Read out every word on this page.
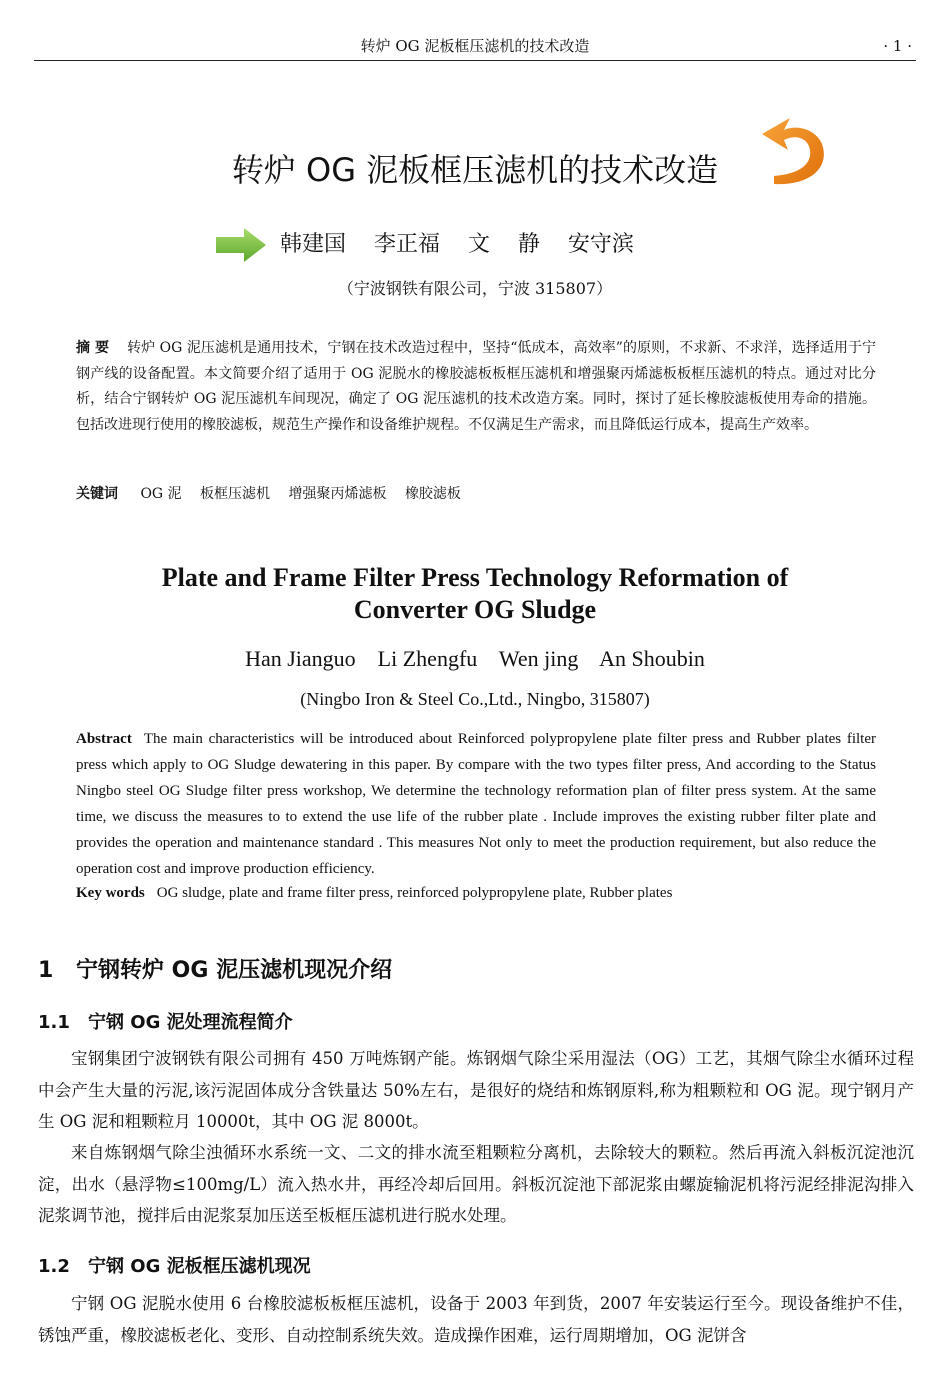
转炉 OG 泥板框压滤机的技术改造	· 1 ·
转炉 OG 泥板框压滤机的技术改造
韩建国    李正福    文    静    安守滨
（宁波钢铁有限公司，宁波 315807）
摘 要 转炉 OG 泥压滤机是通用技术，宁钢在技术改造过程中，坚持“低成本，高效率”的原则，不求新、不求洋，选择适用于宁钢产线的设备配置。本文简要介绍了适用于 OG 泥脱水的橡胶滤板板框压滤机和增强聚丙烯滤板板框压滤机的特点。通过对比分析，结合宁钢转炉 OG 泥压滤机车间现况，确定了 OG 泥压滤机的技术改造方案。同时，探讨了延长橡胶滤板使用寿命的措施。包括改进现行使用的橡胶滤板，规范生产操作和设备维护规程。不仅满足生产需求，而且降低运行成本，提高生产效率。
关键词 OG 泥 板框压滤机 增强聚丙烯滤板 橡胶滤板
Plate and Frame Filter Press Technology Reformation of
Converter OG Sludge
Han Jianguo    Li Zhengfu    Wen jing    An Shoubin
(Ningbo Iron & Steel Co.,Ltd., Ningbo, 315807)
Abstract The main characteristics will be introduced about Reinforced polypropylene plate filter press and Rubber plates filter press which apply to OG Sludge dewatering in this paper. By compare with the two types filter press, And according to the Status Ningbo steel OG Sludge filter press workshop, We determine the technology reformation plan of filter press system. At the same time, we discuss the measures to to extend the use life of the rubber plate . Include improves the existing rubber filter plate and provides the operation and maintenance standard . This measures Not only to meet the production requirement, but also reduce the operation cost and improve production efficiency.
Key words OG sludge, plate and frame filter press, reinforced polypropylene plate, Rubber plates
1 宁钢转炉 OG 泥压滤机现况介绍
1.1 宁钢 OG 泥处理流程简介
宝钢集团宁波钢铁有限公司拥有 450 万吨炼钢产能。炼钢烟气除尘采用湿法（OG）工艺，其烟气除尘水循环过程中会产生大量的污泥,该污泥固体成分含铁量达 50%左右，是很好的烧结和炼钢原料,称为粗颗粒和 OG 泥。现宁钢月产生 OG 泥和粗颗粒月 10000t，其中 OG 泥 8000t。
来自炼钢烟气除尘浊循环水系统一文、二文的排水流至粗颗粒分离机，去除较大的颗粒。然后再流入斜板沉淀池沉淀，出水（悬浮物≤100mg/L）流入热水井，再经冷却后回用。斜板沉淀池下部泥浆由螺旋输泥机将污泥经排泥沟排入泥浆调节池，搅拌后由泥浆泵加压送至板框压滤机进行脱水处理。
1.2 宁钢 OG 泥板框压滤机现况
宁钢 OG 泥脱水使用 6 台橡胶滤板板框压滤机，设备于 2003 年到货，2007 年安装运行至今。现设备维护不佳，锈蚀严重，橡胶滤板老化、变形、自动控制系统失效。造成操作困难，运行周期增加，OG 泥饼含
